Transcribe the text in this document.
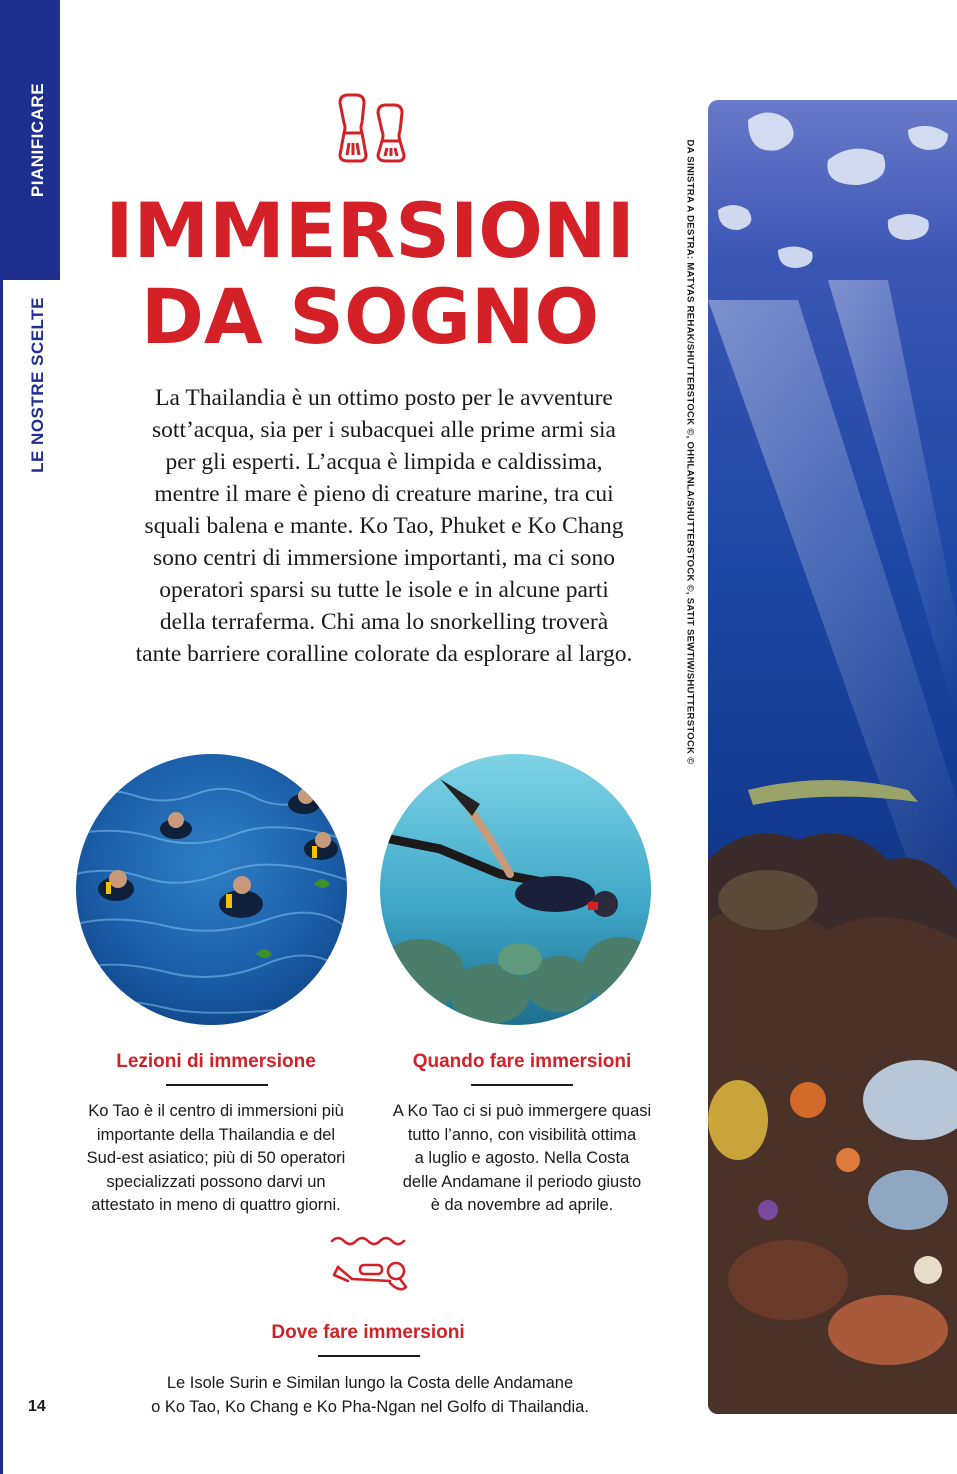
PIANIFICARE
LE NOSTRE SCELTE
IMMERSIONI
DA SOGNO
La Thailandia è un ottimo posto per le avventure
sott’acqua, sia per i subacquei alle prime armi sia
per gli esperti. L’acqua è limpida e caldissima,
mentre il mare è pieno di creature marine, tra cui
squali balena e mante. Ko Tao, Phuket e Ko Chang
sono centri di immersione importanti, ma ci sono
operatori sparsi su tutte le isole e in alcune parti
della terraferma. Chi ama lo snorkelling troverà
tante barriere coralline colorate da esplorare al largo.
Lezioni di immersione
Ko Tao è il centro di immersioni più
importante della Thailandia e del
Sud-est asiatico; più di 50 operatori
specializzati possono darvi un
attestato in meno di quattro giorni.
Quando fare immersioni
A Ko Tao ci si può immergere quasi
tutto l’anno, con visibilità ottima
a luglio e agosto. Nella Costa
delle Andamane il periodo giusto
è da novembre ad aprile.
Dove fare immersioni
Le Isole Surin e Similan lungo la Costa delle Andamane
o Ko Tao, Ko Chang e Ko Pha-Ngan nel Golfo di Thailandia.
14
DA SINISTRA A DESTRA: MATYAS REHAK/SHUTTERSTOCK ©, OHHLANLA/SHUTTERSTOCK ©, SATIT SEWTIW/SHUTTERSTOCK ©
